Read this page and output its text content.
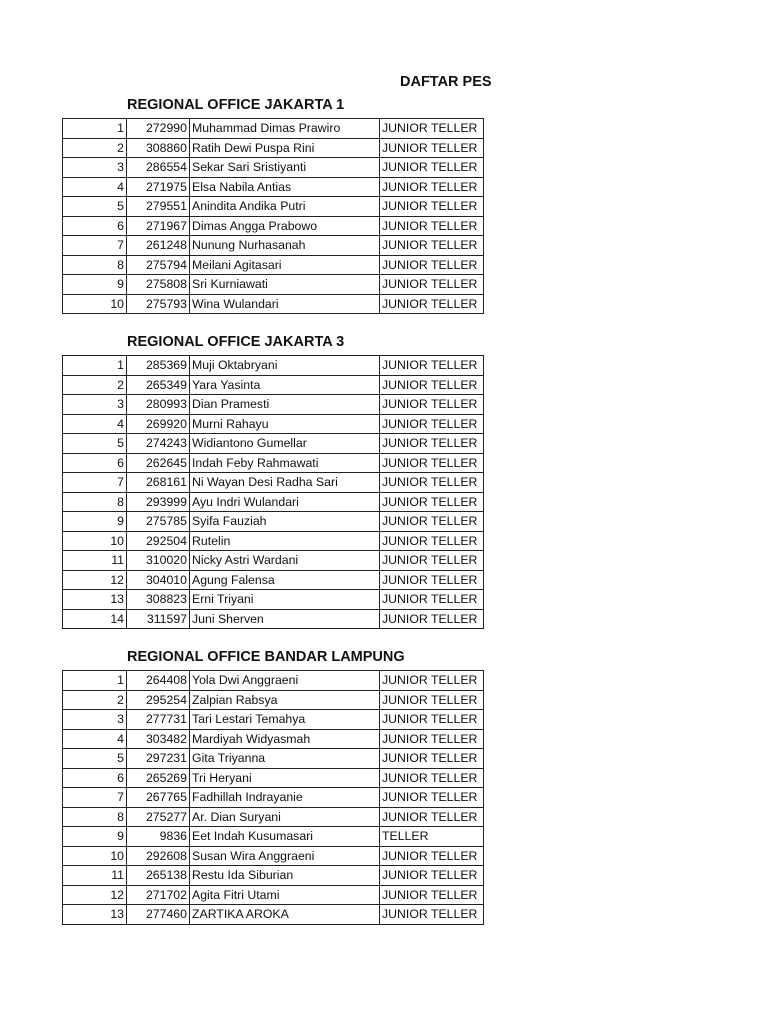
DAFTAR PES
REGIONAL OFFICE JAKARTA 1
1	272990	Muhammad Dimas Prawiro	JUNIOR TELLER
2	308860	Ratih Dewi Puspa Rini	JUNIOR TELLER
3	286554	Sekar Sari Sristiyanti	JUNIOR TELLER
4	271975	Elsa Nabila Antias	JUNIOR TELLER
5	279551	Anindita Andika Putri	JUNIOR TELLER
6	271967	Dimas Angga Prabowo	JUNIOR TELLER
7	261248	Nunung Nurhasanah	JUNIOR TELLER
8	275794	Meilani Agitasari	JUNIOR TELLER
9	275808	Sri Kurniawati	JUNIOR TELLER
10	275793	Wina Wulandari	JUNIOR TELLER
REGIONAL OFFICE JAKARTA 3
1	285369	Muji Oktabryani	JUNIOR TELLER
2	265349	Yara Yasinta	JUNIOR TELLER
3	280993	Dian Pramesti	JUNIOR TELLER
4	269920	Murni Rahayu	JUNIOR TELLER
5	274243	Widiantono Gumellar	JUNIOR TELLER
6	262645	Indah Feby Rahmawati	JUNIOR TELLER
7	268161	Ni Wayan Desi Radha Sari	JUNIOR TELLER
8	293999	Ayu Indri Wulandari	JUNIOR TELLER
9	275785	Syifa Fauziah	JUNIOR TELLER
10	292504	Rutelin	JUNIOR TELLER
11	310020	Nicky Astri Wardani	JUNIOR TELLER
12	304010	Agung Falensa	JUNIOR TELLER
13	308823	Erni Triyani	JUNIOR TELLER
14	311597	Juni Sherven	JUNIOR TELLER
REGIONAL OFFICE BANDAR LAMPUNG
1	264408	Yola Dwi Anggraeni	JUNIOR TELLER
2	295254	Zalpian Rabsya	JUNIOR TELLER
3	277731	Tari Lestari Temahya	JUNIOR TELLER
4	303482	Mardiyah Widyasmah	JUNIOR TELLER
5	297231	Gita Triyanna	JUNIOR TELLER
6	265269	Tri Heryani	JUNIOR TELLER
7	267765	Fadhillah Indrayanie	JUNIOR TELLER
8	275277	Ar. Dian Suryani	JUNIOR TELLER
9	9836	Eet Indah Kusumasari	TELLER
10	292608	Susan Wira Anggraeni	JUNIOR TELLER
11	265138	Restu Ida Siburian	JUNIOR TELLER
12	271702	Agita Fitri Utami	JUNIOR TELLER
13	277460	ZARTIKA AROKA	JUNIOR TELLER
